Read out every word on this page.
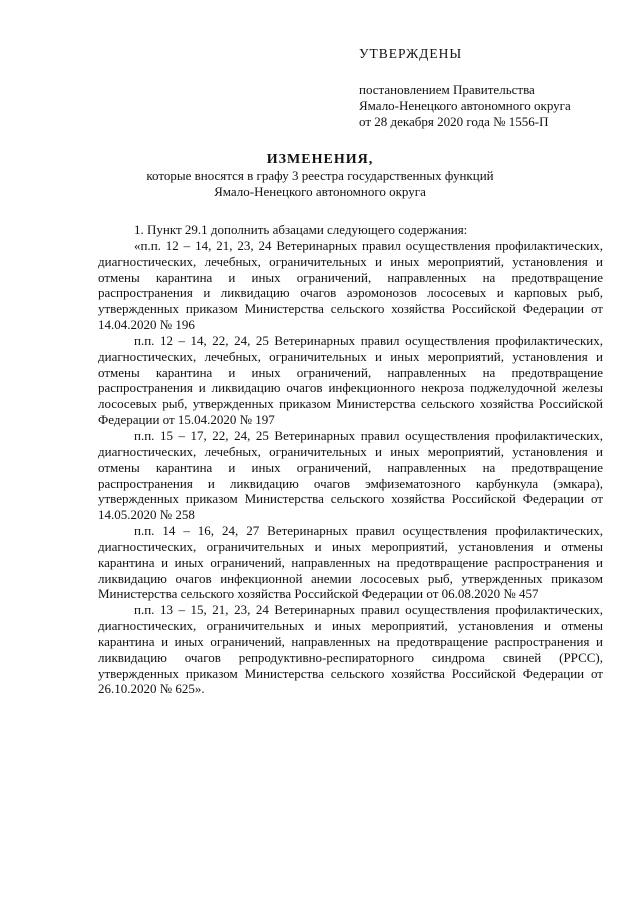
УТВЕРЖДЕНЫ
постановлением Правительства
Ямало-Ненецкого автономного округа
от 28 декабря 2020 года № 1556-П
ИЗМЕНЕНИЯ,
которые вносятся в графу 3 реестра государственных функций
Ямало-Ненецкого автономного округа

1. Пункт 29.1 дополнить абзацами следующего содержания:

«п.п. 12 – 14, 21, 23, 24 Ветеринарных правил осуществления профилактических, диагностических, лечебных, ограничительных и иных мероприятий, установления и отмены карантина и иных ограничений, направленных на предотвращение распространения и ликвидацию очагов аэромонозов лососевых и карповых рыб, утвержденных приказом Министерства сельского хозяйства Российской Федерации от 14.04.2020 № 196

п.п. 12 – 14, 22, 24, 25 Ветеринарных правил осуществления профилактических, диагностических, лечебных, ограничительных и иных мероприятий, установления и отмены карантина и иных ограничений, направленных на предотвращение распространения и ликвидацию очагов инфекционного некроза поджелудочной железы лососевых рыб, утвержденных приказом Министерства сельского хозяйства Российской Федерации от 15.04.2020 № 197

п.п. 15 – 17, 22, 24, 25 Ветеринарных правил осуществления профилактических, диагностических, лечебных, ограничительных и иных мероприятий, установления и отмены карантина и иных ограничений, направленных на предотвращение распространения и ликвидацию очагов эмфизематозного карбункула (эмкара), утвержденных приказом Министерства сельского хозяйства Российской Федерации от 14.05.2020 № 258

п.п. 14 – 16, 24, 27 Ветеринарных правил осуществления профилактических, диагностических, ограничительных и иных мероприятий, установления и отмены карантина и иных ограничений, направленных на предотвращение распространения и ликвидацию очагов инфекционной анемии лососевых рыб, утвержденных приказом Министерства сельского хозяйства Российской Федерации от 06.08.2020 № 457

п.п. 13 – 15, 21, 23, 24 Ветеринарных правил осуществления профилактических, диагностических, ограничительных и иных мероприятий, установления и отмены карантина и иных ограничений, направленных на предотвращение распространения и ликвидацию очагов репродуктивно-респираторного синдрома свиней (РРСС), утвержденных приказом Министерства сельского хозяйства Российской Федерации от 26.10.2020 № 625».
